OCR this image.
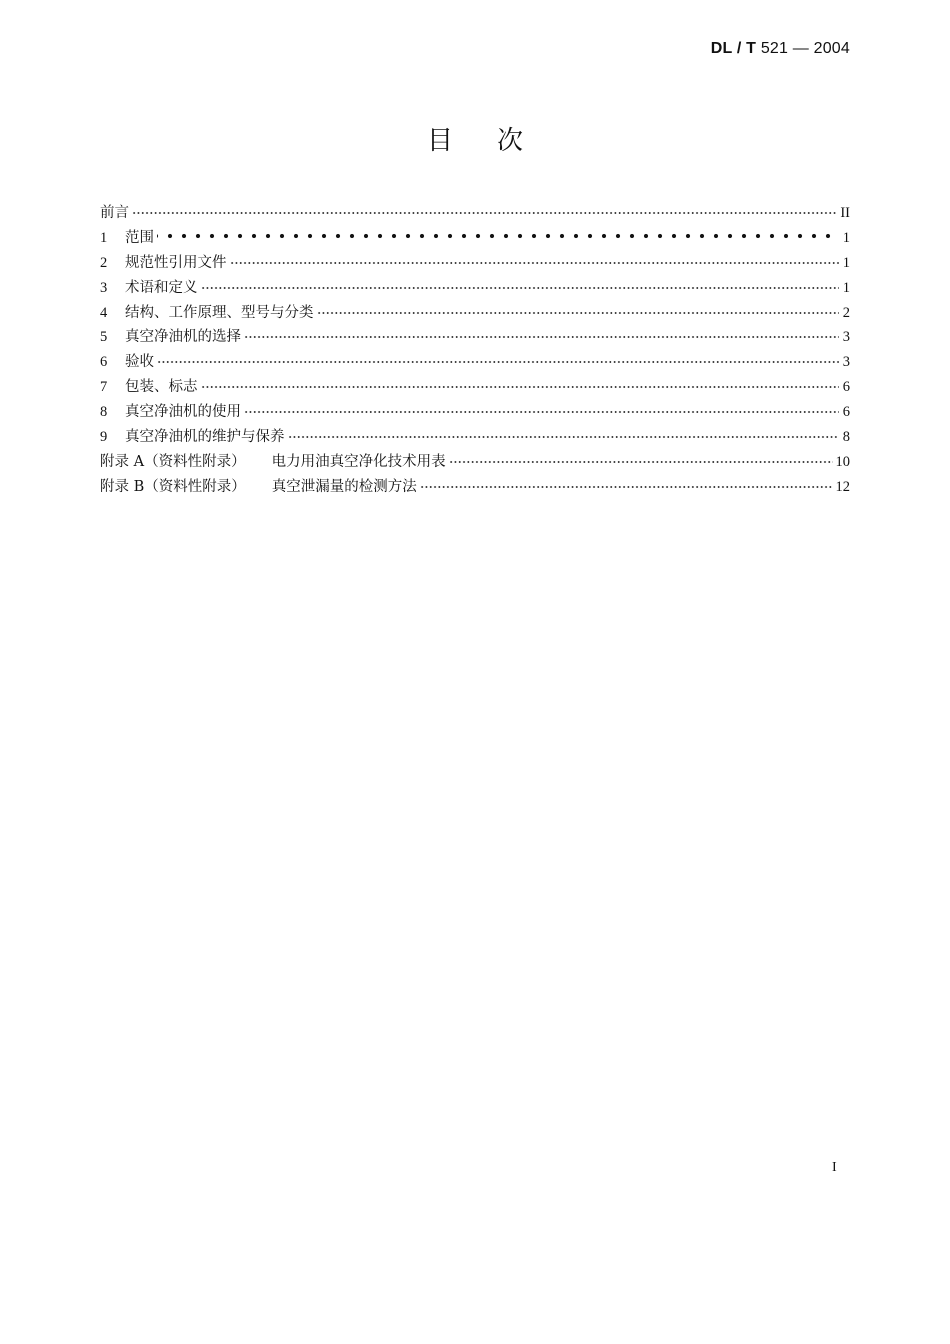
DL / T 521 — 2004
目次
前言	II
1	范围	1
2	规范性引用文件	1
3	术语和定义	1
4	结构、工作原理、型号与分类	2
5	真空净油机的选择	3
6	验收	3
7	包装、标志	6
8	真空净油机的使用	6
9	真空净油机的维护与保养	8
附录 A（资料性附录） 电力用油真空净化技术用表	10
附录 B（资料性附录） 真空泄漏量的检测方法	12
I
